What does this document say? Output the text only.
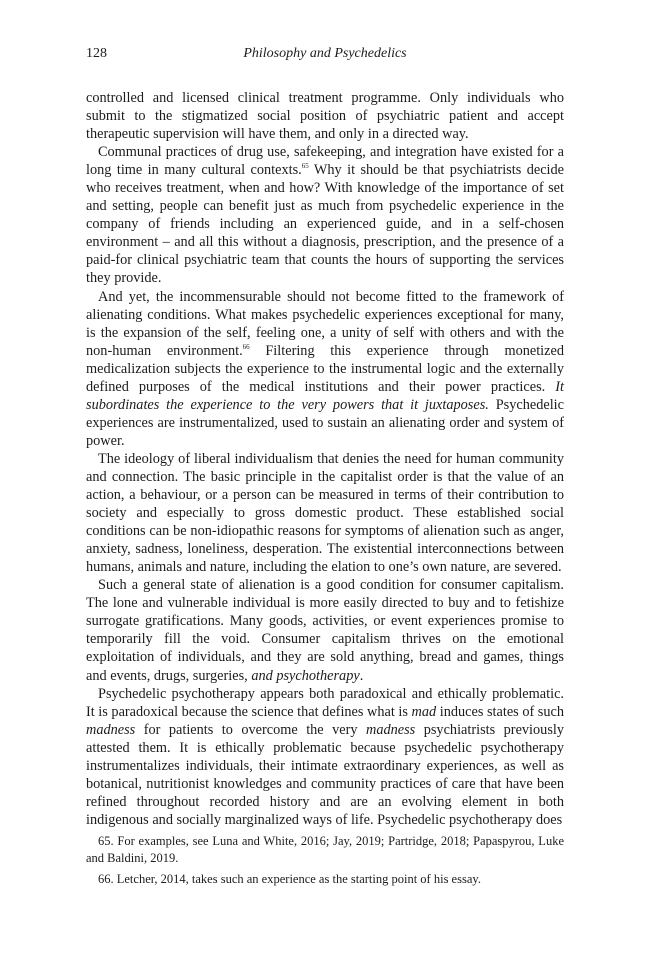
128	Philosophy and Psychedelics

controlled and licensed clinical treatment programme. Only individuals who submit to the stigmatized social position of psychiatric patient and accept therapeutic supervision will have them, and only in a directed way.

Communal practices of drug use, safekeeping, and integration have existed for a long time in many cultural contexts.$^{65}$ Why it should be that psychiatrists decide who receives treatment, when and how? With knowledge of the importance of set and setting, people can benefit just as much from psychedelic experience in the company of friends including an experienced guide, and in a self-chosen environment – and all this without a diagnosis, prescription, and the presence of a paid-for clinical psychiatric team that counts the hours of supporting the services they provide.

And yet, the incommensurable should not become fitted to the framework of alienating conditions. What makes psychedelic experiences exceptional for many, is the expansion of the self, feeling one, a unity of self with others and with the non-human environment.$^{66}$ Filtering this experience through monetized medicalization subjects the experience to the instrumental logic and the externally defined purposes of the medical institutions and their power practices. It subordinates the experience to the very powers that it juxtaposes. Psychedelic experiences are instrumentalized, used to sustain an alienating order and system of power.

The ideology of liberal individualism that denies the need for human community and connection. The basic principle in the capitalist order is that the value of an action, a behaviour, or a person can be measured in terms of their contribution to society and especially to gross domestic product. These established social conditions can be non-idiopathic reasons for symptoms of alienation such as anger, anxiety, sadness, loneliness, desperation. The existential interconnections between humans, animals and nature, including the elation to one’s own nature, are severed.

Such a general state of alienation is a good condition for consumer capitalism. The lone and vulnerable individual is more easily directed to buy and to fetishize surrogate gratifications. Many goods, activities, or event experiences promise to temporarily fill the void. Consumer capitalism thrives on the emotional exploitation of individuals, and they are sold anything, bread and games, things and events, drugs, surgeries, and psychotherapy.

Psychedelic psychotherapy appears both paradoxical and ethically problematic. It is paradoxical because the science that defines what is mad induces states of such madness for patients to overcome the very madness psychiatrists previously attested them. It is ethically problematic because psychedelic psychotherapy instrumentalizes individuals, their intimate extraordinary experiences, as well as botanical, nutritionist knowledges and community practices of care that have been refined throughout recorded history and are an evolving element in both indigenous and socially marginalized ways of life. Psychedelic psychotherapy does

65. For examples, see Luna and White, 2016; Jay, 2019; Partridge, 2018; Papaspyrou, Luke and Baldini, 2019.

66. Letcher, 2014, takes such an experience as the starting point of his essay.
